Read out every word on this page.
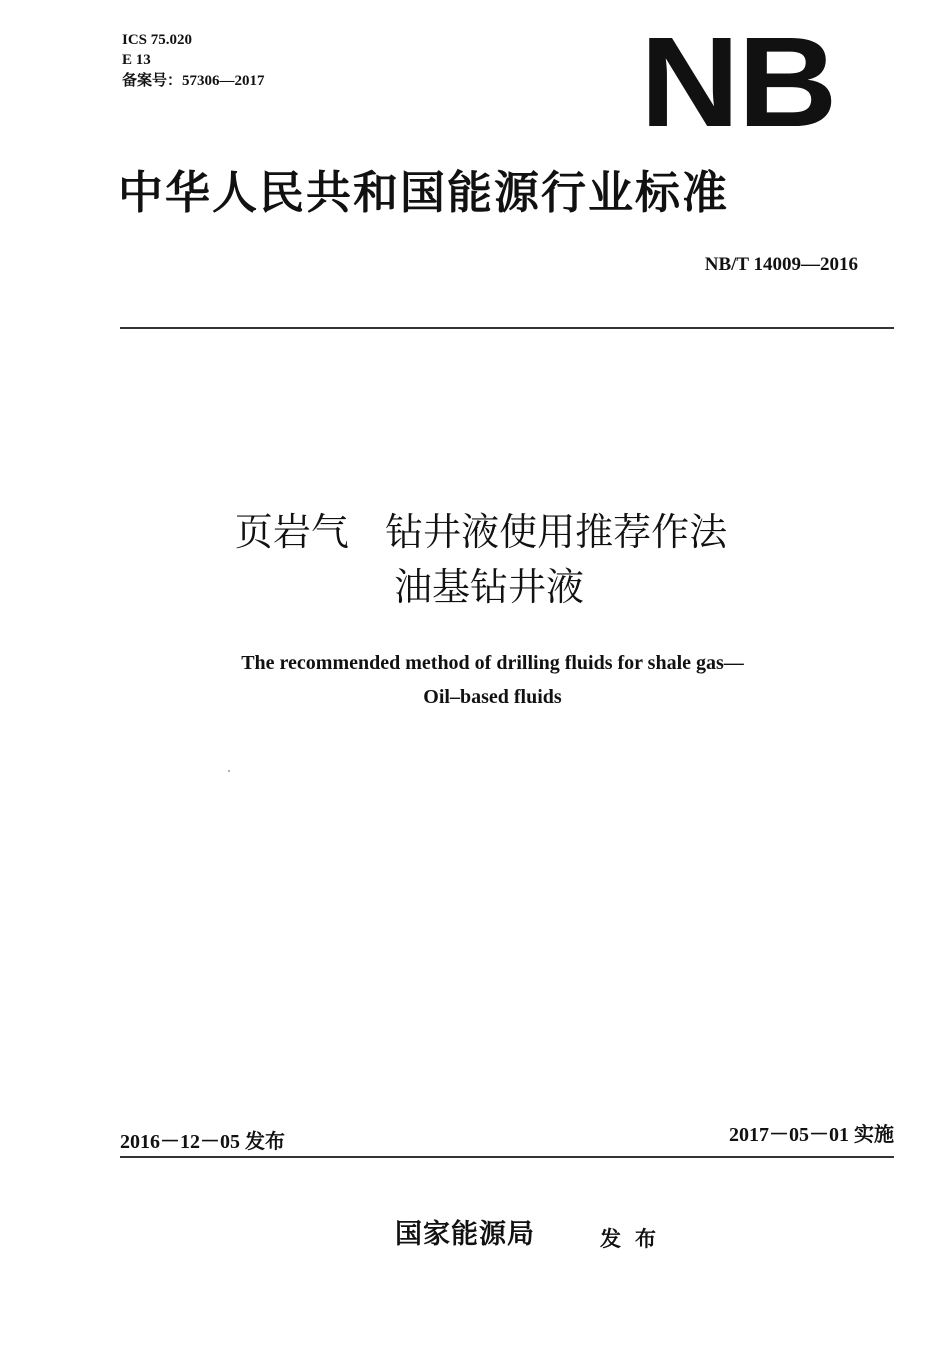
ICS 75.020
E 13
备案号：57306—2017	NB
中华人民共和国能源行业标准
NB/T 14009—2016
页岩气   钻井液使用推荐作法
油基钻井液
The recommended method of drilling fluids for shale gas—
Oil–based fluids
2016－12－05 发布	2017－05－01 实施
国家能源局	发布
